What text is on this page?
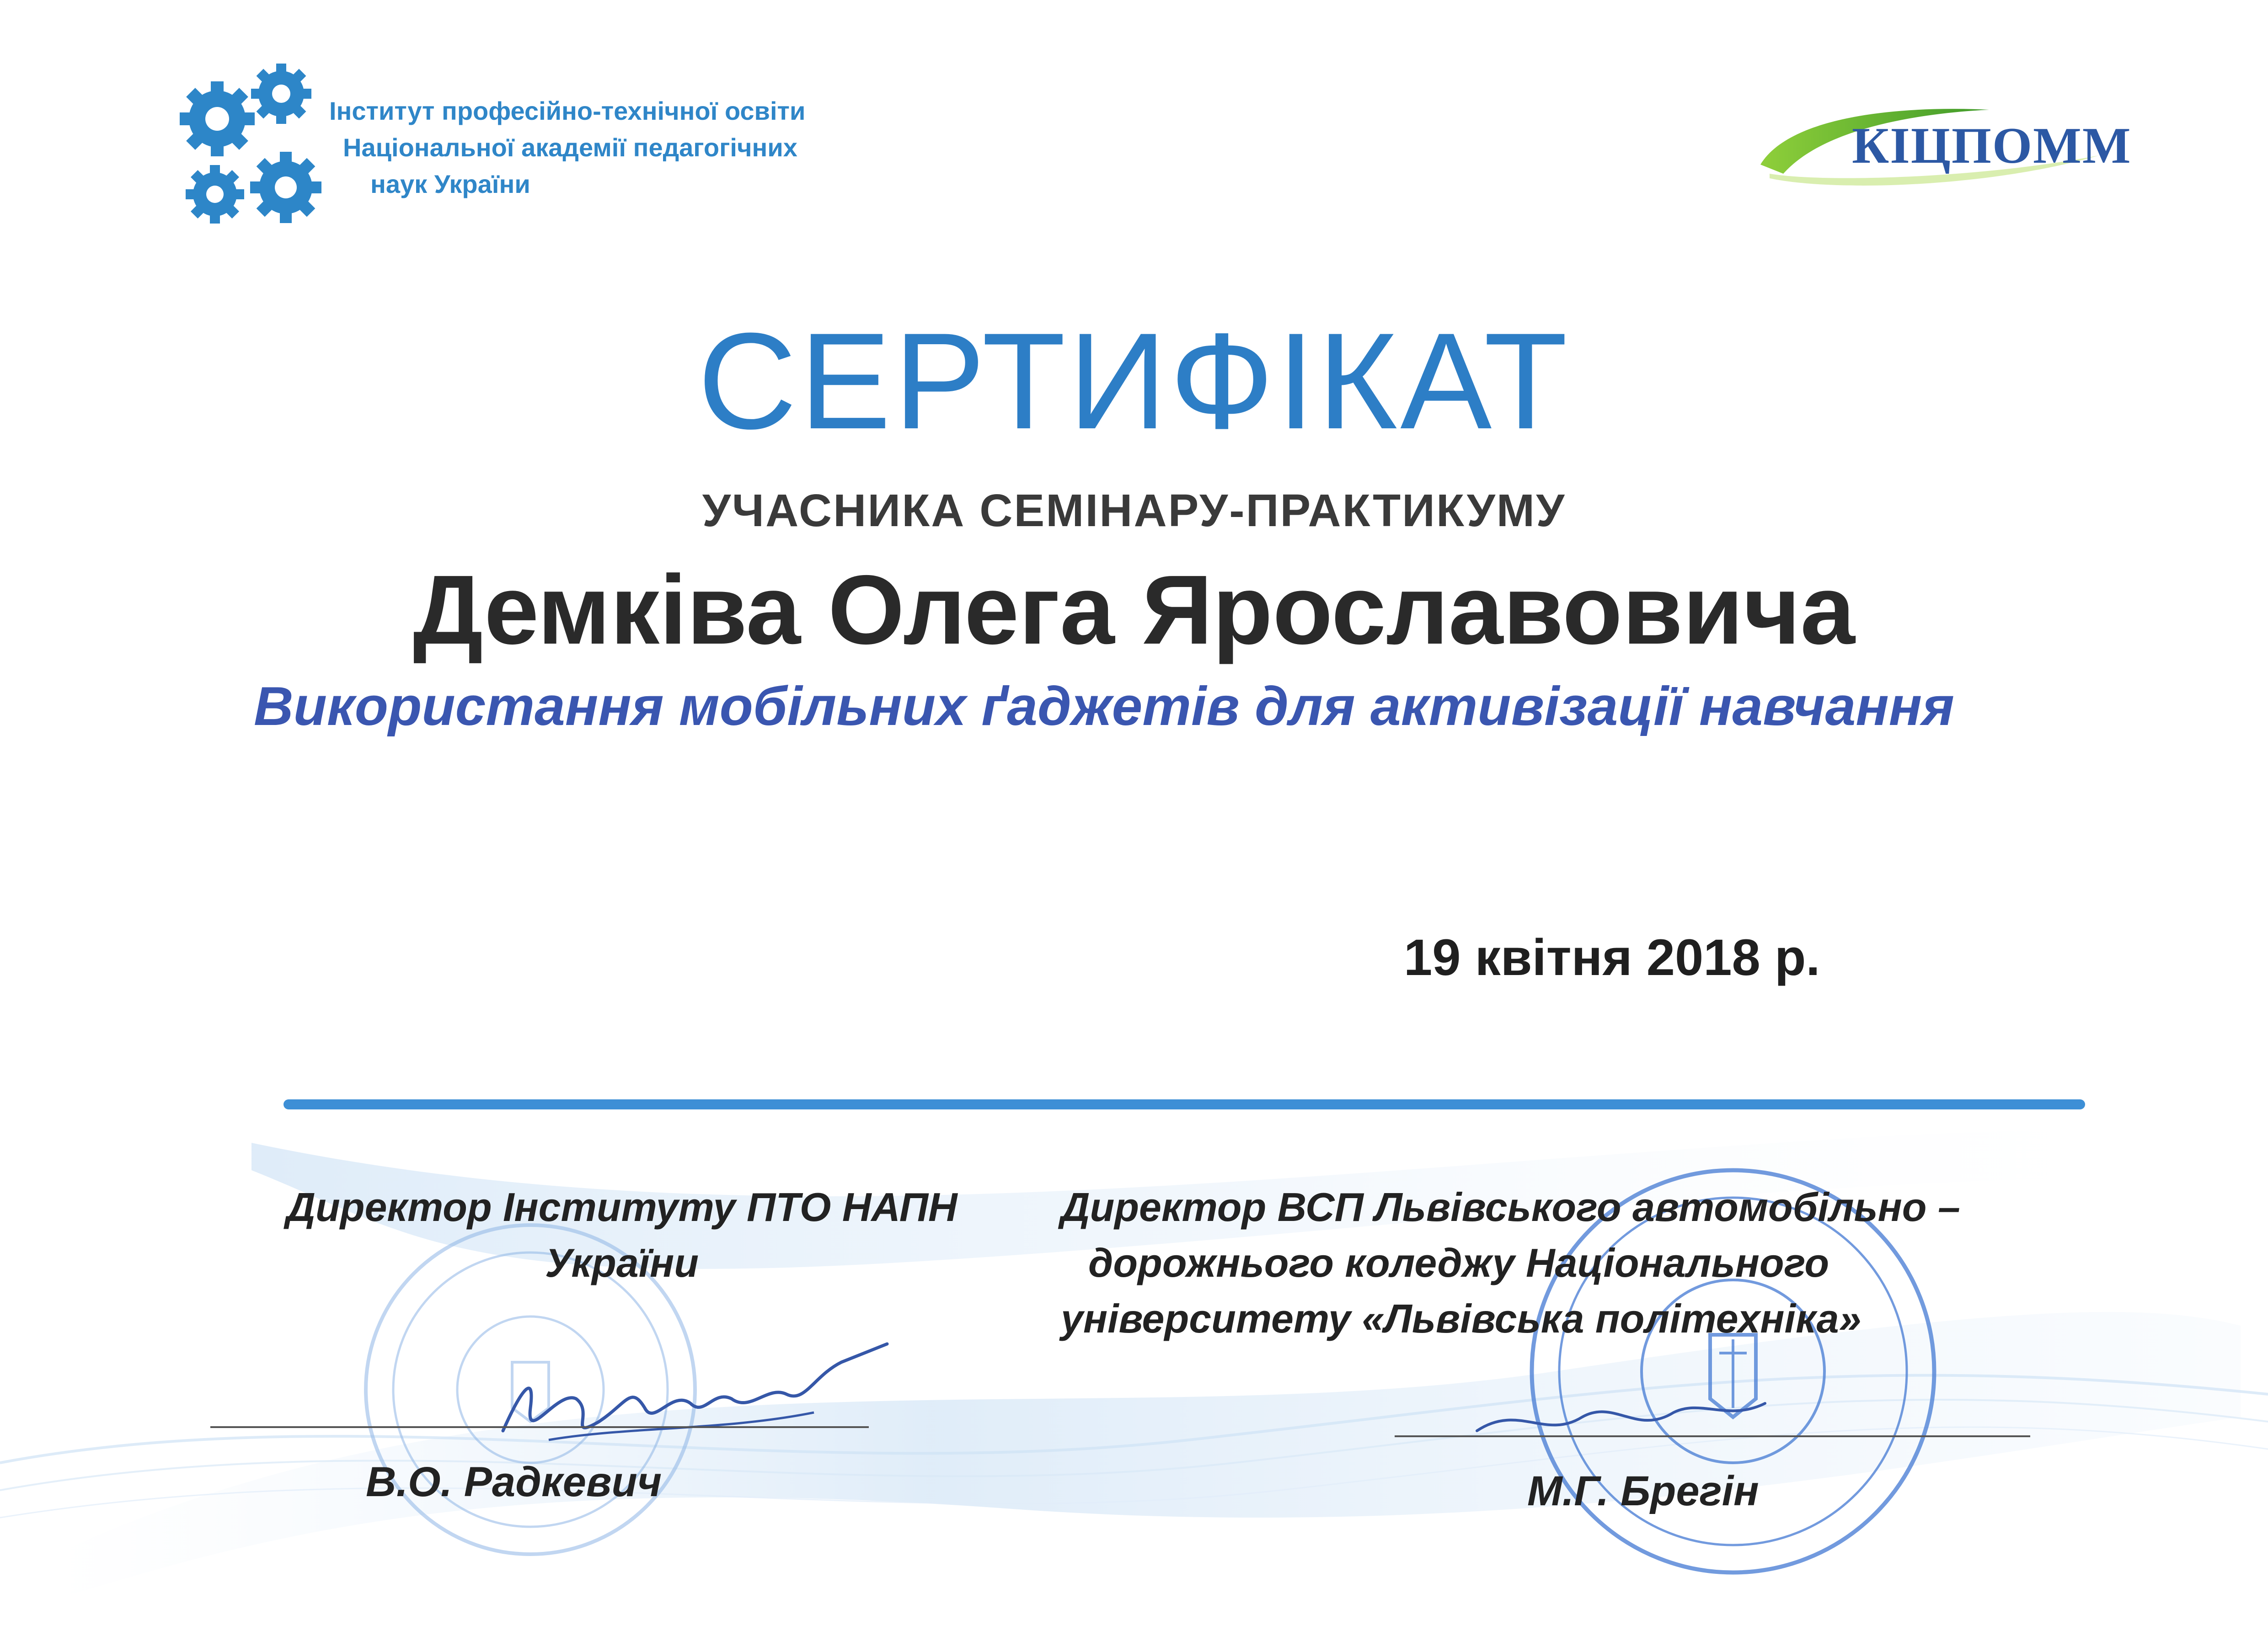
Інститут професійно-технічної освіти
Національної академії педагогічних
наук України
КІЦПОММ
СЕРТИФІКАТ
УЧАСНИКА СЕМІНАРУ-ПРАКТИКУМУ
Демківа Олега Ярославовича
Використання мобільних ґаджетів для активізації навчання
19 квітня 2018 р.
Директор Інституту ПТО НАПН
України
В.О. Радкевич
Директор ВСП Львівського автомобільно –
дорожнього коледжу Національного
університету «Львівська політехніка»
М.Г. Брегін
